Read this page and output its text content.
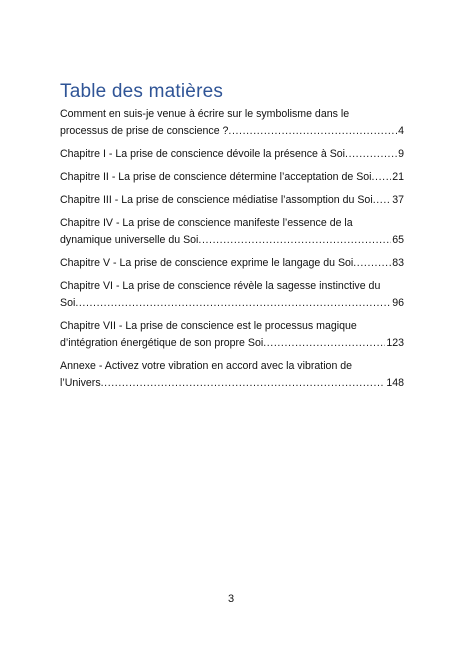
Table des matières
Comment en suis-je venue à écrire sur le symbolisme dans le
processus de prise de conscience ? .....	4
Chapitre I - La prise de conscience dévoile la présence à Soi .....	9
Chapitre II - La prise de conscience détermine l’acceptation de Soi ..... 21
Chapitre III - La prise de conscience médiatise l’assomption du Soi ..... 37
Chapitre IV - La prise de conscience manifeste l’essence de la
dynamique universelle du Soi .....	65
Chapitre V - La prise de conscience exprime le langage du Soi .....	83
Chapitre VI - La prise de conscience révèle la sagesse instinctive du
Soi .....	96
Chapitre VII - La prise de conscience est le processus magique
d’intégration énergétique de son propre Soi .....	123
Annexe - Activez votre vibration en accord avec la vibration de
l’Univers .....	148
3
